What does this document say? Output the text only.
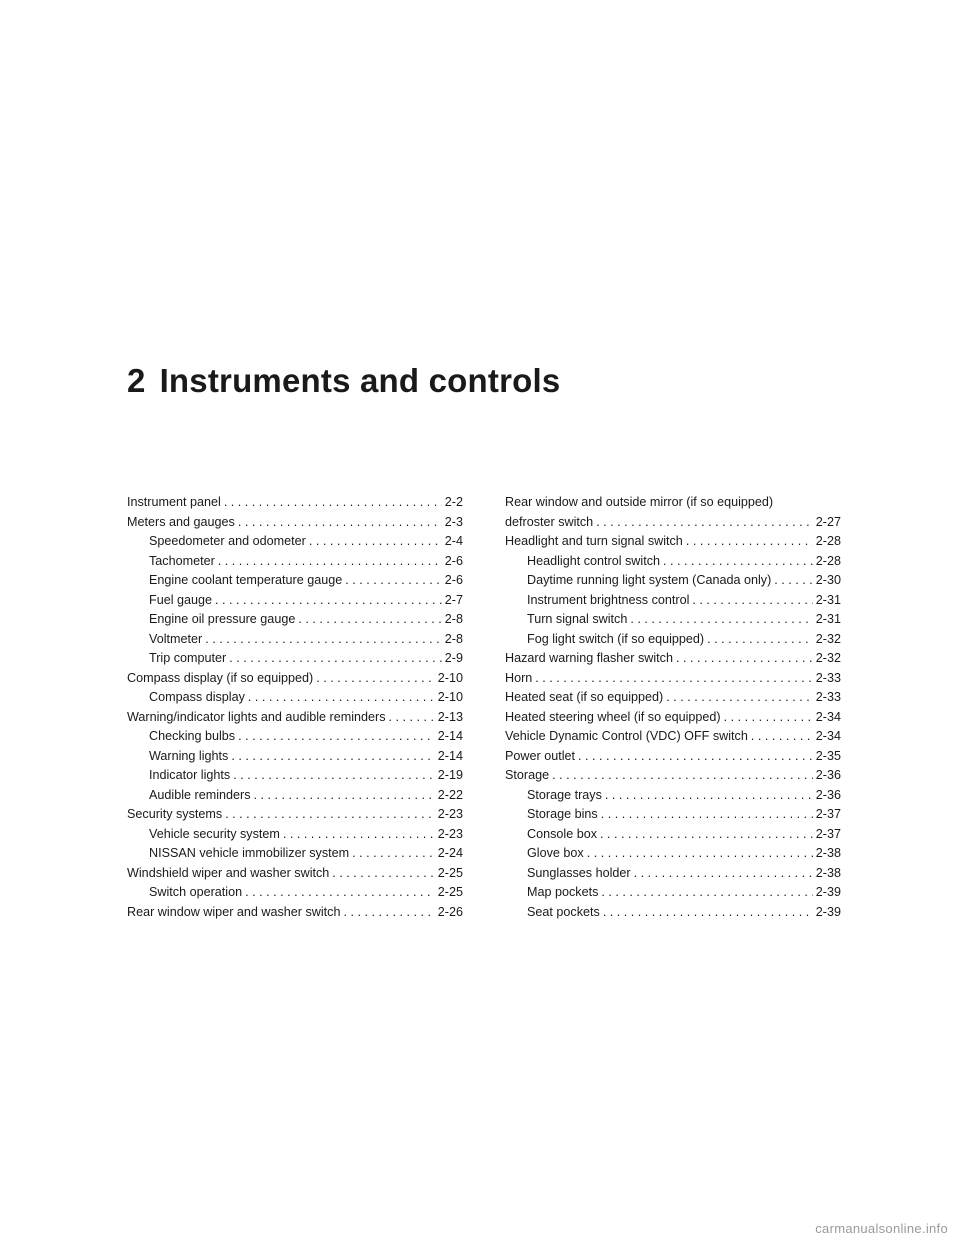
2 Instruments and controls
Instrument panel . . .	2-2
Meters and gauges . . .	2-3
Speedometer and odometer . . .	2-4
Tachometer . . .	2-6
Engine coolant temperature gauge . . .	2-6
Fuel gauge . . .	2-7
Engine oil pressure gauge . . .	2-8
Voltmeter . . .	2-8
Trip computer . . .	2-9
Compass display (if so equipped) . . .	2-10
Compass display . . .	2-10
Warning/indicator lights and audible reminders . . .	2-13
Checking bulbs . . .	2-14
Warning lights . . .	2-14
Indicator lights . . .	2-19
Audible reminders . . .	2-22
Security systems . . .	2-23
Vehicle security system . . .	2-23
NISSAN vehicle immobilizer system . . .	2-24
Windshield wiper and washer switch . . .	2-25
Switch operation . . .	2-25
Rear window wiper and washer switch . . .	2-26
Rear window and outside mirror (if so equipped)
defroster switch . . .	2-27
Headlight and turn signal switch . . .	2-28
Headlight control switch . . .	2-28
Daytime running light system (Canada only) . . .	2-30
Instrument brightness control . . .	2-31
Turn signal switch . . .	2-31
Fog light switch (if so equipped) . . .	2-32
Hazard warning flasher switch . . .	2-32
Horn . . .	2-33
Heated seat (if so equipped) . . .	2-33
Heated steering wheel (if so equipped) . . .	2-34
Vehicle Dynamic Control (VDC) OFF switch . . .	2-34
Power outlet . . .	2-35
Storage . . .	2-36
Storage trays . . .	2-36
Storage bins . . .	2-37
Console box . . .	2-37
Glove box . . .	2-38
Sunglasses holder . . .	2-38
Map pockets . . .	2-39
Seat pockets . . .	2-39
carmanualsonline.info
